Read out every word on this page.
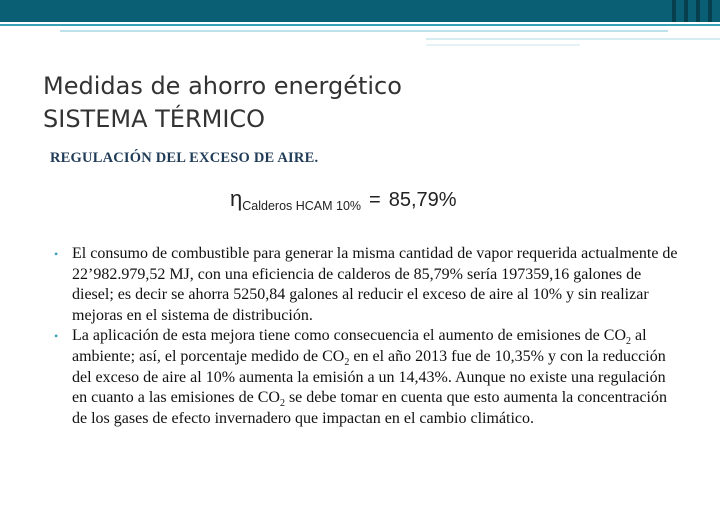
Medidas de ahorro energético
SISTEMA TÉRMICO
REGULACIÓN DEL EXCESO DE AIRE.
$\eta_{Calderos HCAM 10\%} = 85,79\%$
• El consumo de combustible para generar la misma cantidad de vapor requerida actualmente de 22’982.979,52 MJ, con una eficiencia de calderos de 85,79% sería 197359,16 galones de diesel; es decir se ahorra 5250,84 galones al reducir el exceso de aire al 10% y sin realizar mejoras en el sistema de distribución.
• La aplicación de esta mejora tiene como consecuencia el aumento de emisiones de $CO_2$ al ambiente; así, el porcentaje medido de $CO_2$ en el año 2013 fue de 10,35% y con la reducción del exceso de aire al 10% aumenta la emisión a un 14,43%. Aunque no existe una regulación en cuanto a las emisiones de $CO_2$ se debe tomar en cuenta que esto aumenta la concentración de los gases de efecto invernadero que impactan en el cambio climático.
